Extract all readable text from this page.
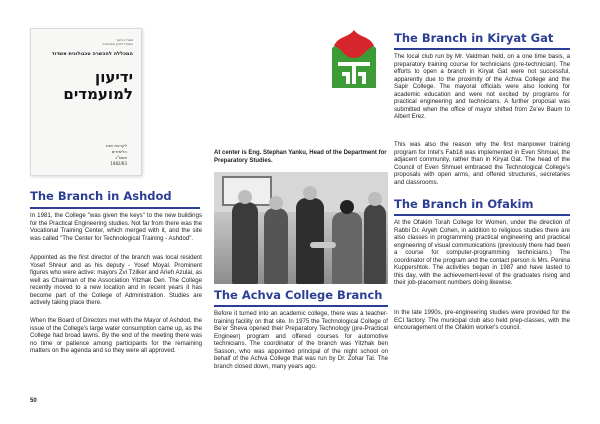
משרד החינוך
המנהל למדע וטכנולוגיה
המכללה להכשרה טכנולוגית אשדוד
ידיעון
למועמדים
לקראת שנת
הלימודים
תשמ"ג
1982/83
The Branch in Ashdod

In 1981, the College "was given the keys" to the new buildings for the Practical Engineering studies. Not far from there was the Vocational Training Center, which merged with it, and the site was called "The Center for Technological Training - Ashdod".

Appointed as the first director of the branch was local resident Yosef Shreur and as his deputy - Yosef Moyal. Prominent figures who were active: mayors Zvi Tzilker and Arieh Azulai, as well as Chairman of the Association Yitzhak Deri. The College recently moved to a new location and in recent years it has become part of the College of Administration. Studies are actively taking place there.

When the Board of Directors met with the Mayor of Ashdod, the issue of the College's large water consumption came up, as the College had broad lawns. By the end of the meeting there was no time or patience among participants for the remaining matters on the agenda and so they were all approved.

50
At center is Eng. Stephan Yanku, Head of the Department for Preparatory Studies.
The Achva College Branch

Before it turned into an academic college, there was a teacher-training facility on that site. In 1975 the Technological College of Be'er Sheva opened their Preparatory Technology (pre-Practical Engineer) program and offered courses for automotive technicians. The coordinator of the branch was Yitzhak ben Sasson, who was appointed principal of the night school on behalf of the Achva College that was run by Dr. Zohar Tal. The branch closed down, many years ago.

The Branch in Kiryat Gat

The local club run by Mr. Valdman held, on a one time basis, a preparatory training course for technicians (pre-technician). The efforts to open a branch in Kiryat Gat were not successful, apparently due to the proximity of the Achva College and the Sapir College. The mayoral officials were also looking for academic education and were not excited by programs for practical engineering and technicians. A further proposal was submitted when the office of mayor shifted from Ze'ev Baum to Albert Erez.

This was also the reason why the first manpower training program for Intel's Fab18 was implemented in Even Shmuel, the adjacent community, rather than in Kiryat Gat. The head of the Council of Even Shmuel embraced the Technological College's proposals with open arms, and offered structures, secretaries and classrooms.

The Branch in Ofakim

At the Ofakim Torah College for Women, under the direction of Rabbi Dr. Aryeh Cohen, in addition to religious studies there are also classes in programming practical engineering and practical engineering of visual communications (previously there had been a course for computer-programming technicians.) The coordinator of the program and the contact person is Mrs. Penina Kuppershtok. The activities began in 1987 and have lasted to this day, with the achievement-level of the graduates rising and their job-placement numbers doing likewise.

In the late 1990s, pre-engineering studies were provided for the ECI factory. The municipal club also held prep-classes, with the encouragement of the Ofakim worker's council.
